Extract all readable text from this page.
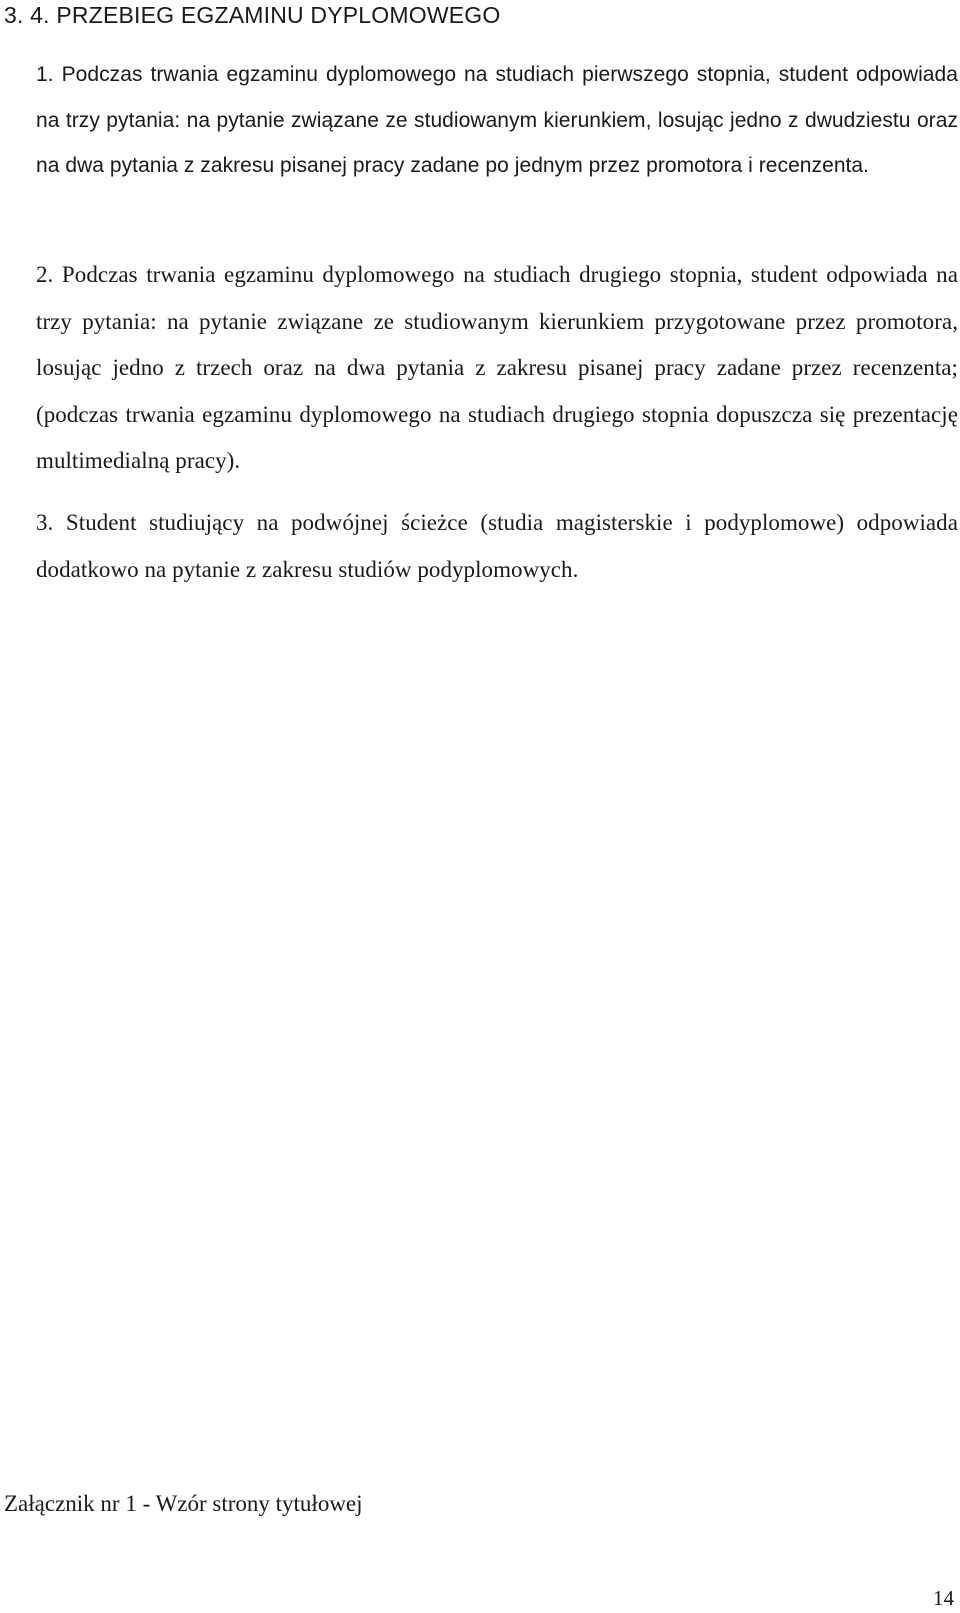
3. 4. PRZEBIEG EGZAMINU DYPLOMOWEGO

1. Podczas trwania egzaminu dyplomowego na studiach pierwszego stopnia, student odpowiada na trzy pytania: na pytanie związane ze studiowanym kierunkiem, losując jedno z dwudziestu oraz na dwa pytania z zakresu pisanej pracy zadane po jednym przez promotora i recenzenta.

2. Podczas trwania egzaminu dyplomowego na studiach drugiego stopnia, student odpowiada na trzy pytania: na pytanie związane ze studiowanym kierunkiem przygotowane przez promotora, losując jedno z trzech oraz na dwa pytania z zakresu pisanej pracy zadane przez recenzenta; (podczas trwania egzaminu dyplomowego na studiach drugiego stopnia dopuszcza się prezentację multimedialną pracy).

3. Student studiujący na podwójnej ścieżce (studia magisterskie i podyplomowe) odpowiada dodatkowo na pytanie z zakresu studiów podyplomowych.

Załącznik nr 1 - Wzór strony tytułowej

14
